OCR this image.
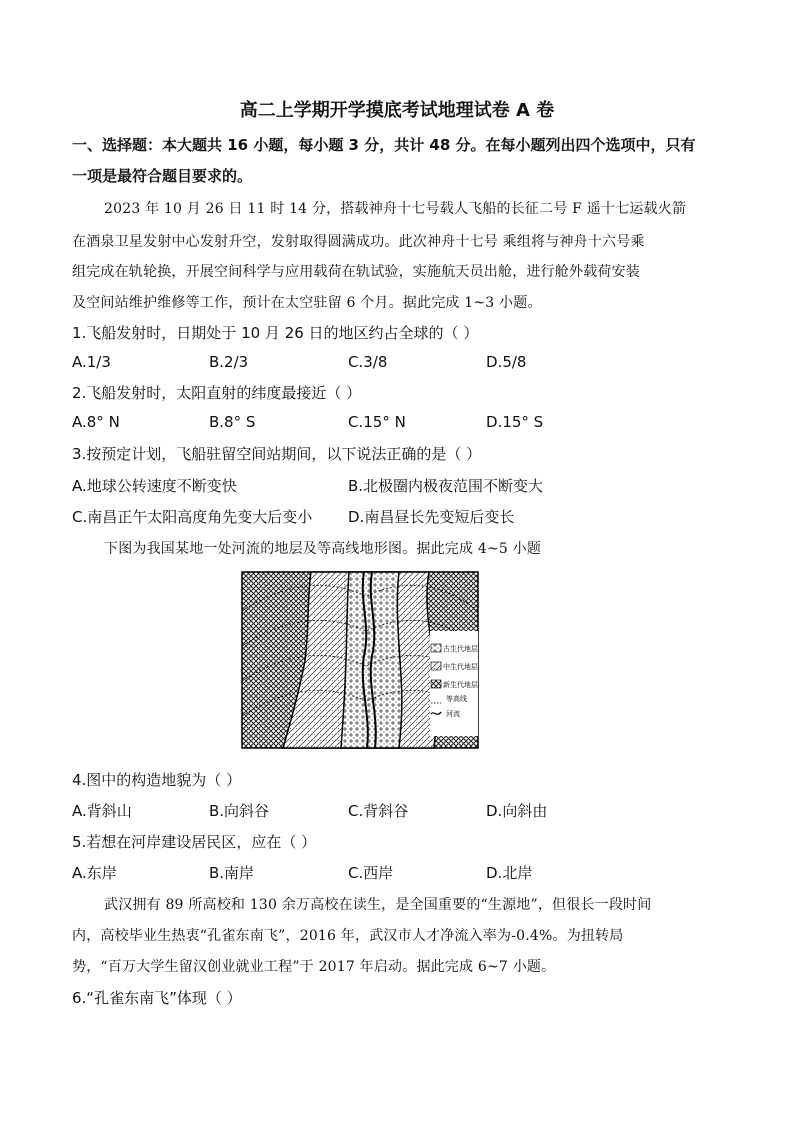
高二上学期开学摸底考试地理试卷 A 卷
一、选择题：本大题共 16 小题，每小题 3 分，共计 48 分。在每小题列出四个选项中，只有
一项是最符合题目要求的。
2023 年 10 月 26 日 11 时 14 分，搭载神舟十七号载人飞船的长征二号 F 遥十七运载火箭
在酒泉卫星发射中心发射升空，发射取得圆满成功。此次神舟十七号 乘组将与神舟十六号乘
组完成在轨轮换，开展空间科学与应用载荷在轨试验，实施航天员出舱，进行舱外载荷安装
及空间站维护维修等工作，预计在太空驻留 6 个月。据此完成 1~3 小题。
1.飞船发射时，日期处于 10 月 26 日的地区约占全球的（ ）
A.1/3	B.2/3	C.3/8	D.5/8
2.飞船发射时，太阳直射的纬度最接近（ ）
A.8° N	B.8° S	C.15° N	D.15° S
3.按预定计划，飞船驻留空间站期间，以下说法正确的是（ ）
A.地球公转速度不断变快	B.北极圈内极夜范围不断变大
C.南昌正午太阳高度角先变大后变小 D.南昌昼长先变短后变长
下图为我国某地一处河流的地层及等高线地形图。据此完成 4~5 小题
古生代地层
中生代地层
新生代地层
等高线
河流
4.图中的构造地貌为（ ）
A.背斜山	B.向斜谷	C.背斜谷	D.向斜由
5.若想在河岸建设居民区，应在（ ）
A.东岸	B.南岸	C.西岸	D.北岸
武汉拥有 89 所高校和 130 余万高校在读生，是全国重要的“生源地”，但很长一段时间
内，高校毕业生热衷“孔雀东南飞”，2016 年，武汉市人才净流入率为-0.4%。为扭转局
势，“百万大学生留汉创业就业工程”于 2017 年启动。据此完成 6~7 小题。
6.“孔雀东南飞”体现（ ）
